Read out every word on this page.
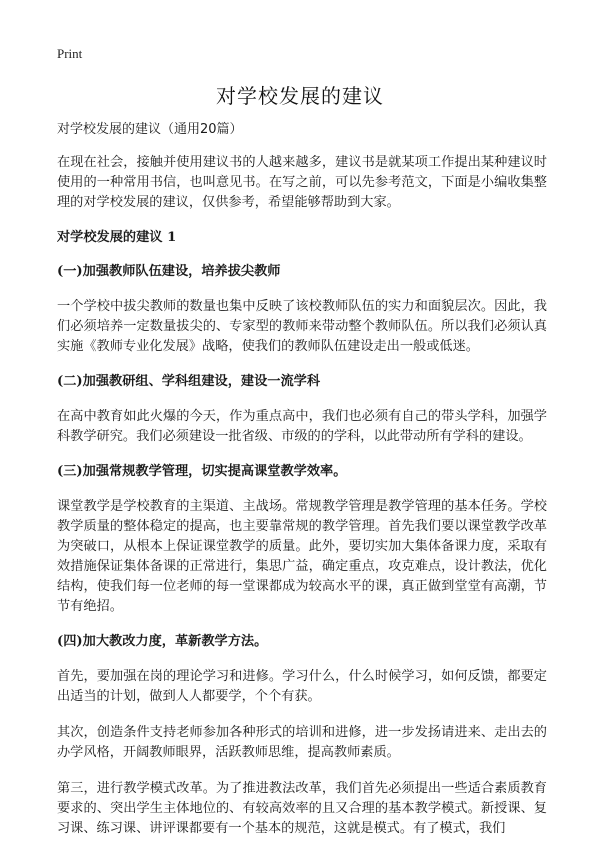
Print
对学校发展的建议

对学校发展的建议（通用20篇）

在现在社会，接触并使用建议书的人越来越多，建议书是就某项工作提出某种建议时使用的一种常用书信，也叫意见书。在写之前，可以先参考范文，下面是小编收集整理的对学校发展的建议，仅供参考，希望能够帮助到大家。

对学校发展的建议 1

(一)加强教师队伍建设，培养拔尖教师

一个学校中拔尖教师的数量也集中反映了该校教师队伍的实力和面貌层次。因此，我们必须培养一定数量拔尖的、专家型的教师来带动整个教师队伍。所以我们必须认真实施《教师专业化发展》战略，使我们的教师队伍建设走出一般或低迷。

(二)加强教研组、学科组建设，建设一流学科

在高中教育如此火爆的今天，作为重点高中，我们也必须有自己的带头学科，加强学科教学研究。我们必须建设一批省级、市级的的学科，以此带动所有学科的建设。

(三)加强常规教学管理，切实提高课堂教学效率。

课堂教学是学校教育的主渠道、主战场。常规教学管理是教学管理的基本任务。学校教学质量的整体稳定的提高，也主要靠常规的教学管理。首先我们要以课堂教学改革为突破口，从根本上保证课堂教学的质量。此外，要切实加大集体备课力度，采取有效措施保证集体备课的正常进行，集思广益，确定重点，攻克难点，设计教法，优化结构，使我们每一位老师的每一堂课都成为较高水平的课，真正做到堂堂有高潮，节节有绝招。

(四)加大教改力度，革新教学方法。

首先，要加强在岗的理论学习和进修。学习什么，什么时候学习，如何反馈，都要定出适当的计划，做到人人都要学，个个有获。

其次，创造条件支持老师参加各种形式的培训和进修，进一步发扬请进来、走出去的办学风格，开阔教师眼界，活跃教师思维，提高教师素质。

第三，进行教学模式改革。为了推进教法改革，我们首先必须提出一些适合素质教育要求的、突出学生主体地位的、有较高效率的且又合理的基本教学模式。新授课、复习课、练习课、讲评课都要有一个基本的规范，这就是模式。有了模式，我们
